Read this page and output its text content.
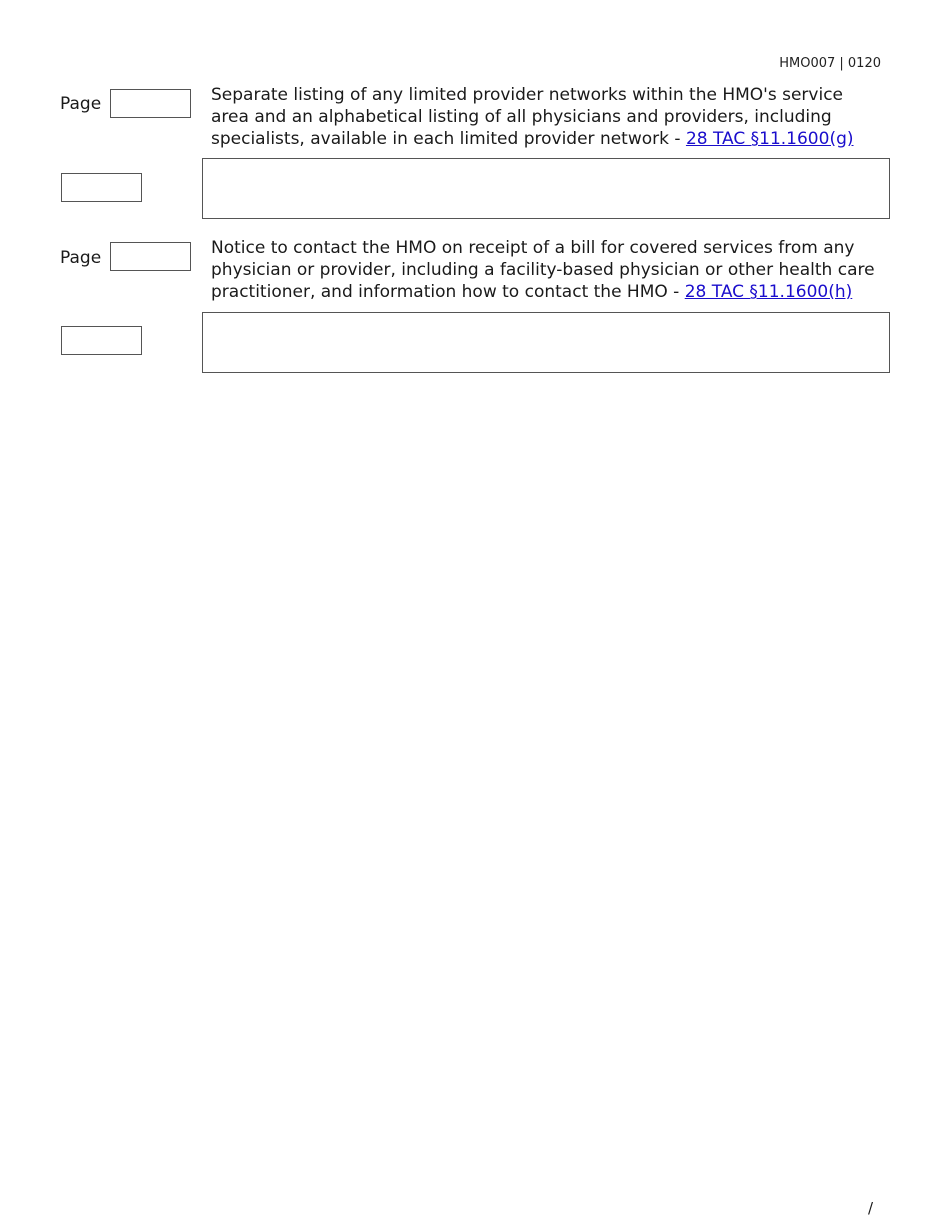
HMO007 | 0120
Page	Separate listing of any limited provider networks within the HMO's service area and an alphabetical listing of all physicians and providers, including specialists, available in each limited provider network - 28 TAC §11.1600(g)
Page	Notice to contact the HMO on receipt of a bill for covered services from any physician or provider, including a facility-based physician or other health care practitioner, and information how to contact the HMO - 28 TAC §11.1600(h)
/
